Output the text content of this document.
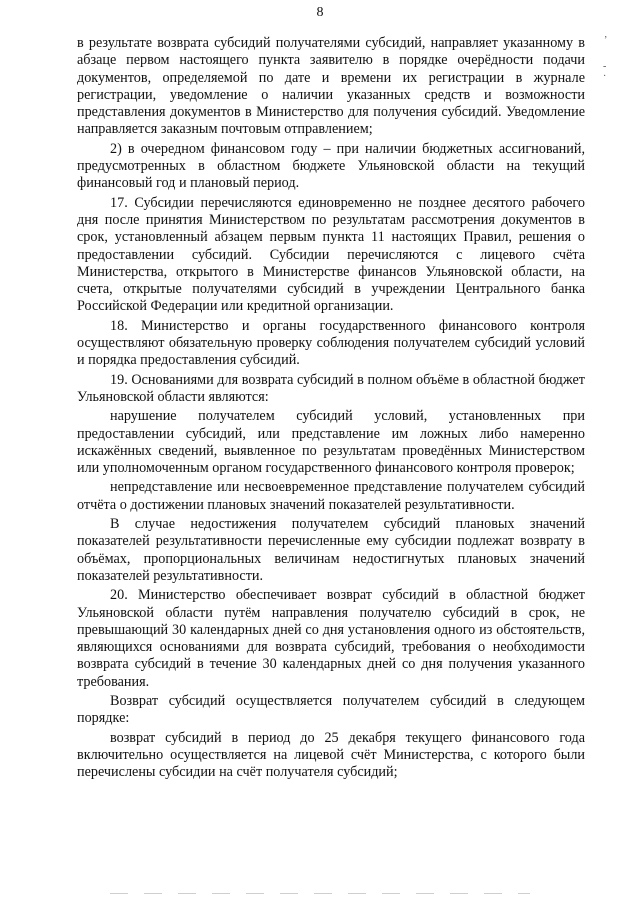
8

в результате возврата субсидий получателями субсидий, направляет указанному в абзаце первом настоящего пункта заявителю в порядке очерёдности подачи документов, определяемой по дате и времени их регистрации в журнале регистрации, уведомление о наличии указанных средств и возможности представления документов в Министерство для получения субсидий. Уведомление направляется заказным почтовым отправлением;

2) в очередном финансовом году – при наличии бюджетных ассигнований, предусмотренных в областном бюджете Ульяновской области на текущий финансовый год и плановый период.

17. Субсидии перечисляются единовременно не позднее десятого рабочего дня после принятия Министерством по результатам рассмотрения документов в срок, установленный абзацем первым пункта 11 настоящих Правил, решения о предоставлении субсидий. Субсидии перечисляются с лицевого счёта Министерства, открытого в Министерстве финансов Ульяновской области, на счета, открытые получателями субсидий в учреждении Центрального банка Российской Федерации или кредитной организации.

18. Министерство и органы государственного финансового контроля осуществляют обязательную проверку соблюдения получателем субсидий условий и порядка предоставления субсидий.

19. Основаниями для возврата субсидий в полном объёме в областной бюджет Ульяновской области являются:

нарушение получателем субсидий условий, установленных при предоставлении субсидий, или представление им ложных либо намеренно искажённых сведений, выявленное по результатам проведённых Министерством или уполномоченным органом государственного финансового контроля проверок;

непредставление или несвоевременное представление получателем субсидий отчёта о достижении плановых значений показателей результативности.

В случае недостижения получателем субсидий плановых значений показателей результативности перечисленные ему субсидии подлежат возврату в объёмах, пропорциональных величинам недостигнутых плановых значений показателей результативности.

20. Министерство обеспечивает возврат субсидий в областной бюджет Ульяновской области путём направления получателю субсидий в срок, не превышающий 30 календарных дней со дня установления одного из обстоятельств, являющихся основаниями для возврата субсидий, требования о необходимости возврата субсидий в течение 30 календарных дней со дня получения указанного требования.

Возврат субсидий осуществляется получателем субсидий в следующем порядке:

возврат субсидий в период до 25 декабря текущего финансового года включительно осуществляется на лицевой счёт Министерства, с которого были перечислены субсидии на счёт получателя субсидий;

’
-
·
